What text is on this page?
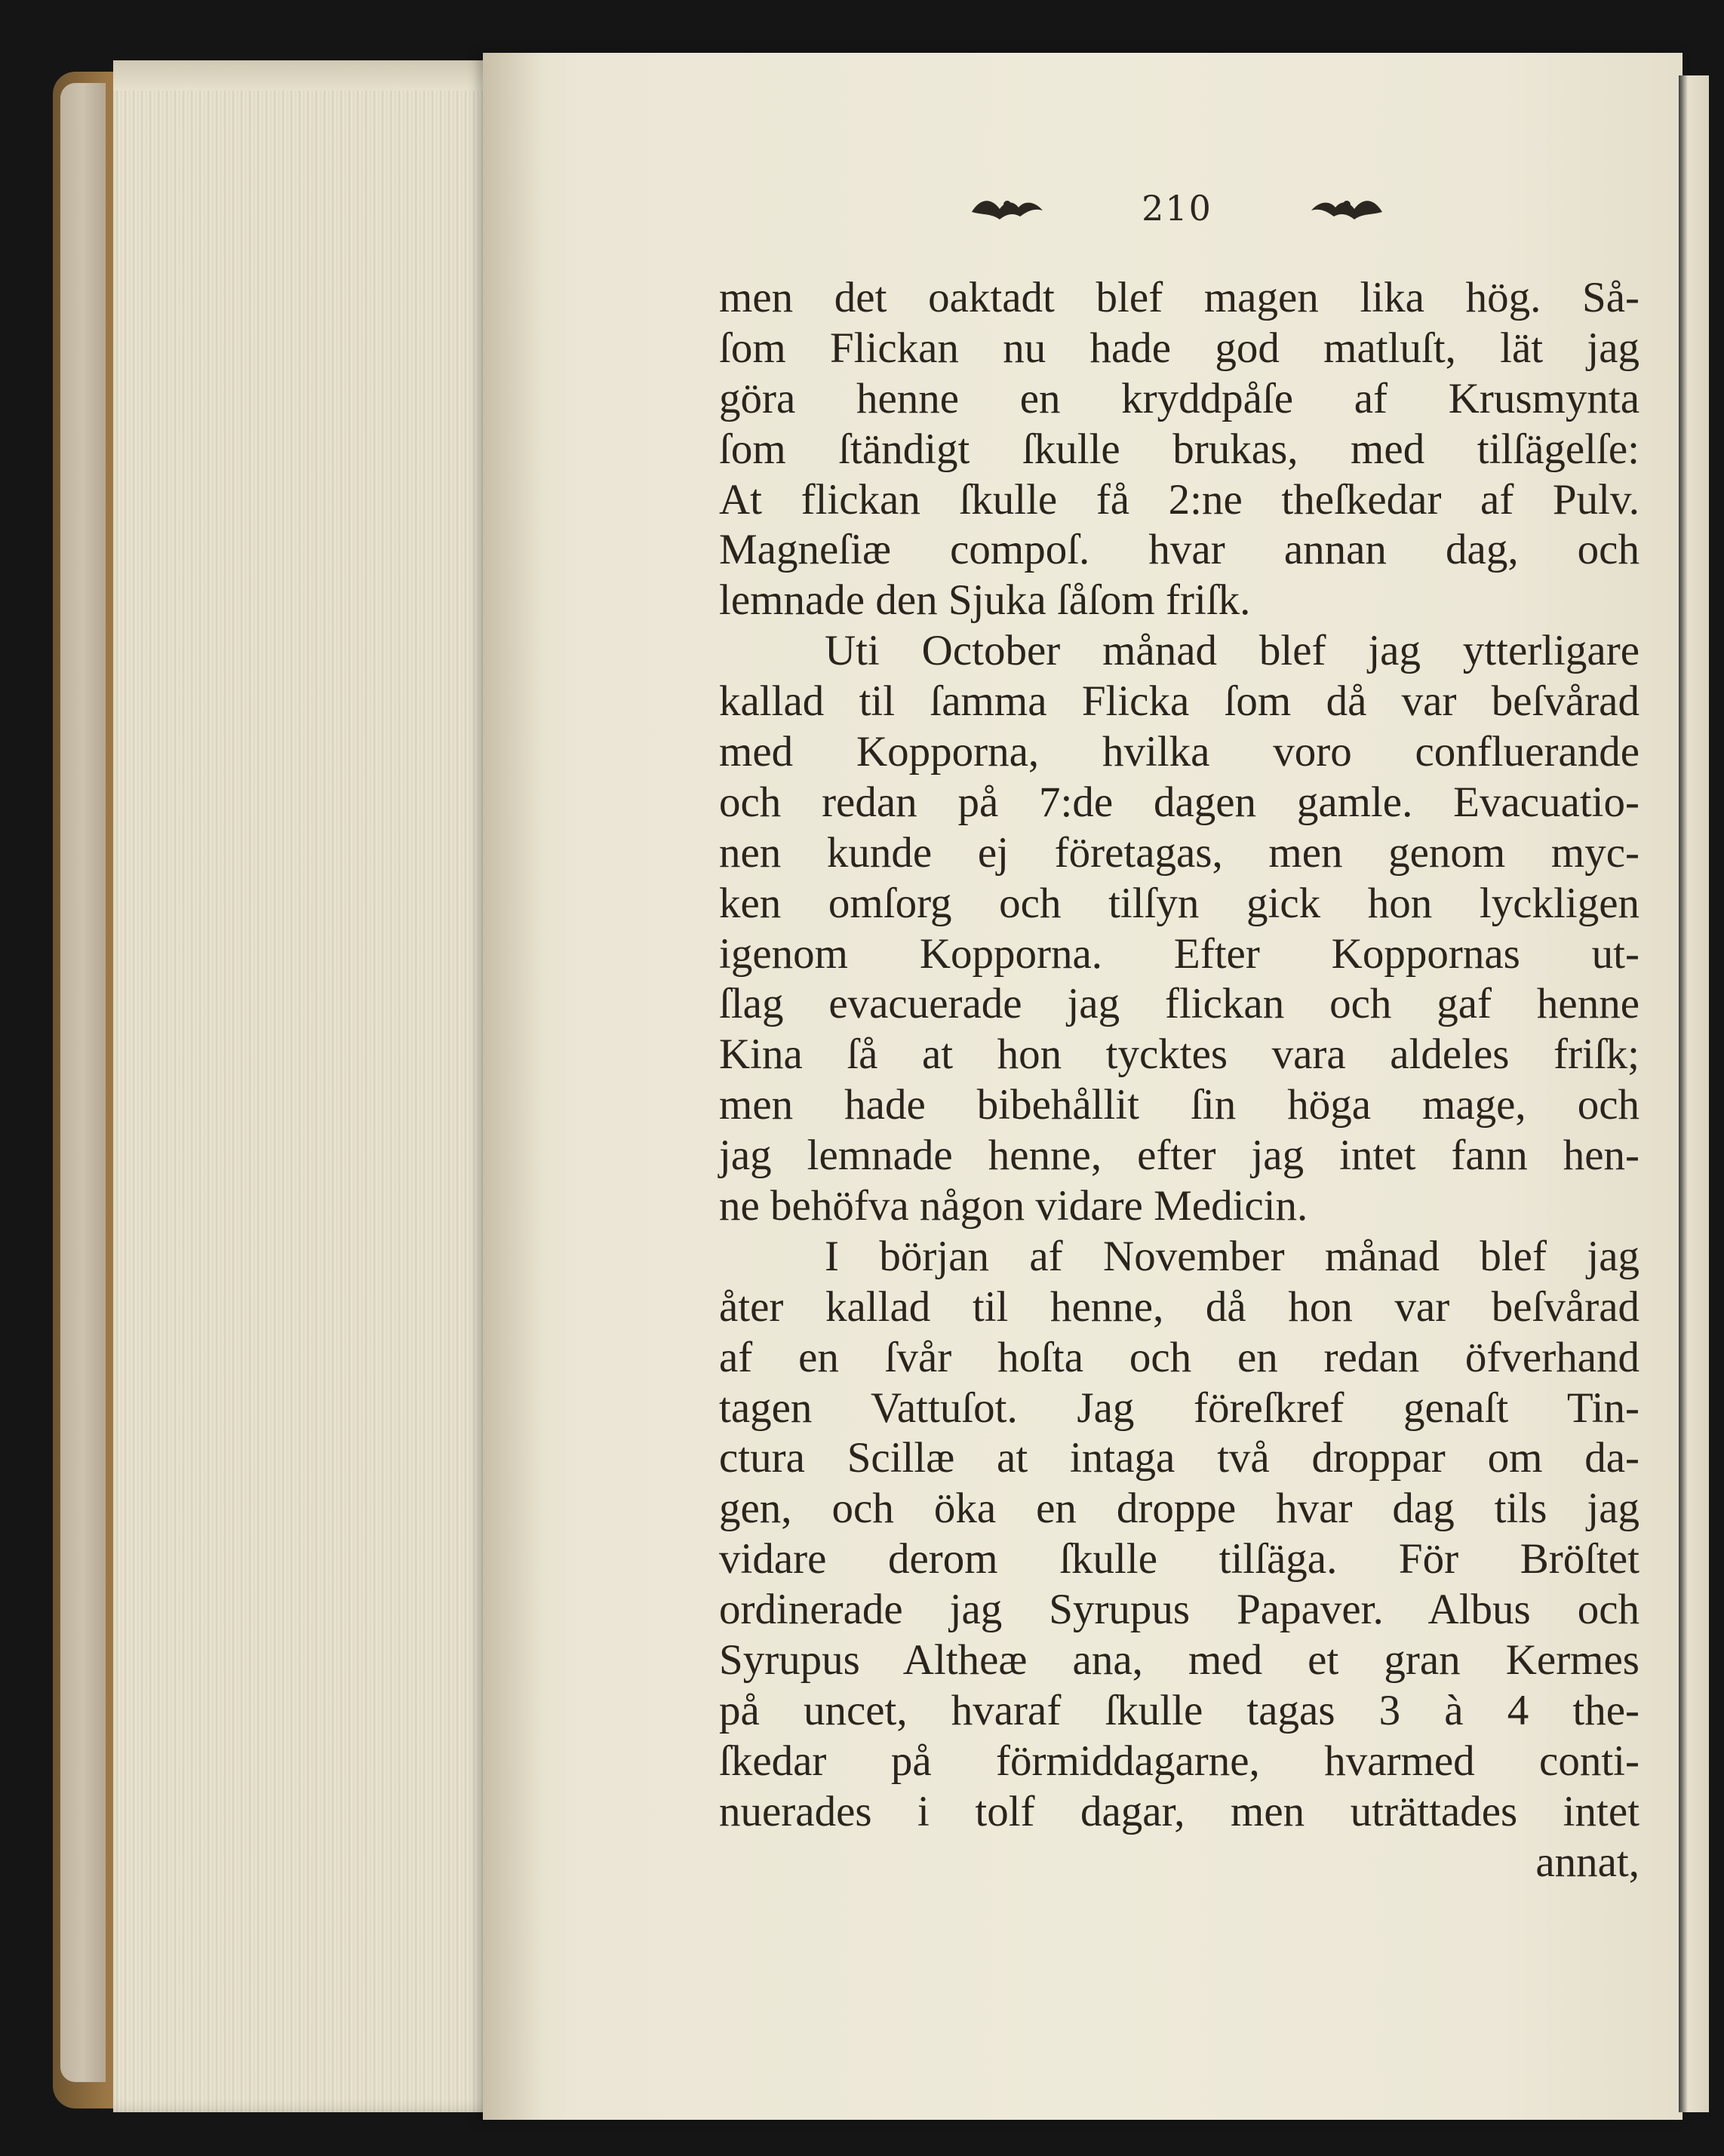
210
men det oaktadt blef magen lika hög. Så-
ſom Flickan nu hade god matluſt, lät jag
göra henne en kryddpåſe af Krusmynta
ſom ſtändigt ſkulle brukas, med tilſägelſe:
At flickan ſkulle få 2:ne theſkedar af Pulv.
Magneſiæ compoſ. hvar annan dag, och
lemnade den Sjuka ſåſom friſk.
Uti October månad blef jag ytterligare
kallad til ſamma Flicka ſom då var beſvårad
med Kopporna, hvilka voro confluerande
och redan på 7:de dagen gamle. Evacuatio-
nen kunde ej företagas, men genom myc-
ken omſorg och tilſyn gick hon lyckligen
igenom Kopporna. Efter Koppornas ut-
ſlag evacuerade jag flickan och gaf henne
Kina ſå at hon tycktes vara aldeles friſk;
men hade bibehållit ſin höga mage, och
jag lemnade henne, efter jag intet fann hen-
ne behöfva någon vidare Medicin.
I början af November månad blef jag
åter kallad til henne, då hon var beſvårad
af en ſvår hoſta och en redan öfverhand
tagen Vattuſot. Jag föreſkref genaſt Tin-
ctura Scillæ at intaga två droppar om da-
gen, och öka en droppe hvar dag tils jag
vidare derom ſkulle tilſäga. För Bröſtet
ordinerade jag Syrupus Papaver. Albus och
Syrupus Altheæ ana, med et gran Kermes
på uncet, hvaraf ſkulle tagas 3 à 4 the-
ſkedar på förmiddagarne, hvarmed conti-
nuerades i tolf dagar, men uträttades intet
annat,
